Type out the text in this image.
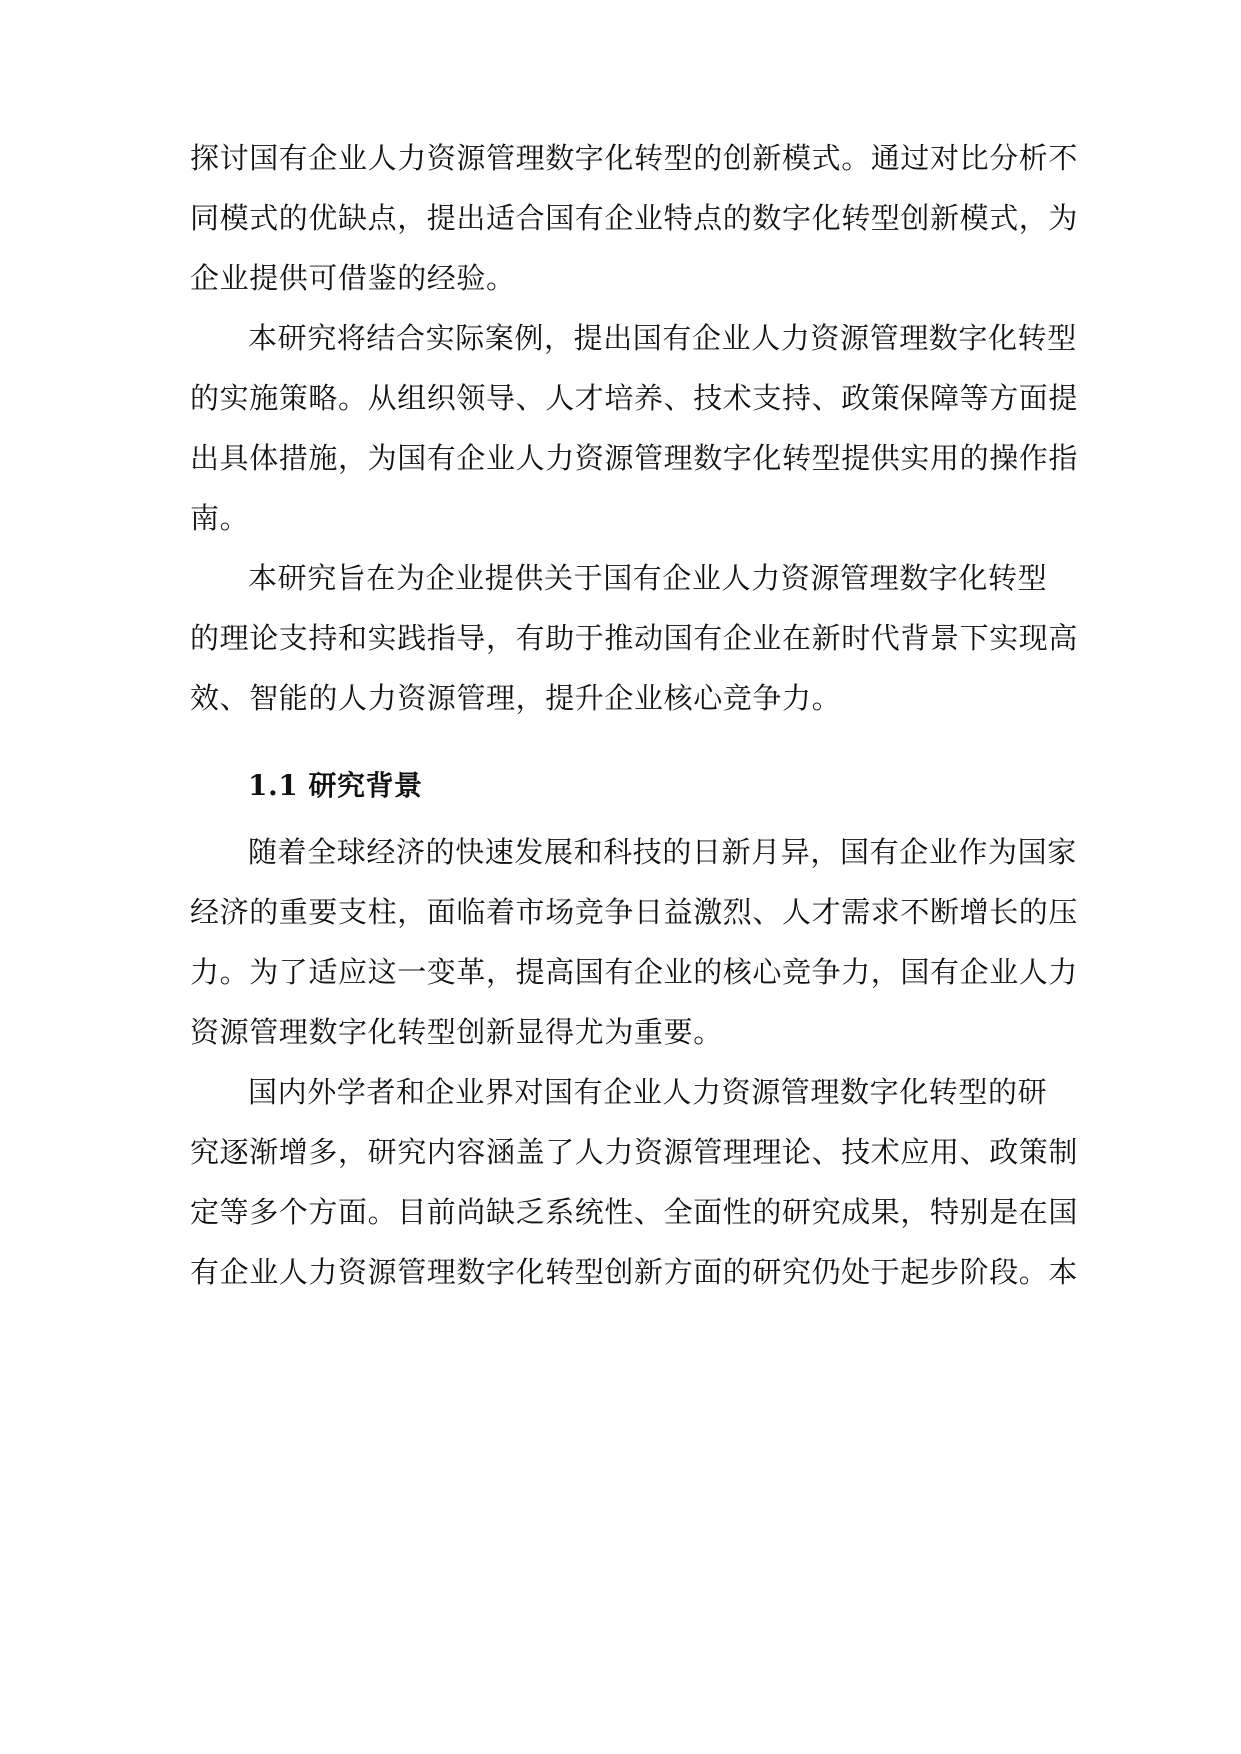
探讨国有企业人力资源管理数字化转型的创新模式。通过对比分析不
同模式的优缺点，提出适合国有企业特点的数字化转型创新模式，为
企业提供可借鉴的经验。
本研究将结合实际案例，提出国有企业人力资源管理数字化转型
的实施策略。从组织领导、人才培养、技术支持、政策保障等方面提
出具体措施，为国有企业人力资源管理数字化转型提供实用的操作指
南。
本研究旨在为企业提供关于国有企业人力资源管理数字化转型
的理论支持和实践指导，有助于推动国有企业在新时代背景下实现高
效、智能的人力资源管理，提升企业核心竞争力。
1.1 研究背景
随着全球经济的快速发展和科技的日新月异，国有企业作为国家
经济的重要支柱，面临着市场竞争日益激烈、人才需求不断增长的压
力。为了适应这一变革，提高国有企业的核心竞争力，国有企业人力
资源管理数字化转型创新显得尤为重要。
国内外学者和企业界对国有企业人力资源管理数字化转型的研
究逐渐增多，研究内容涵盖了人力资源管理理论、技术应用、政策制
定等多个方面。目前尚缺乏系统性、全面性的研究成果，特别是在国
有企业人力资源管理数字化转型创新方面的研究仍处于起步阶段。本
